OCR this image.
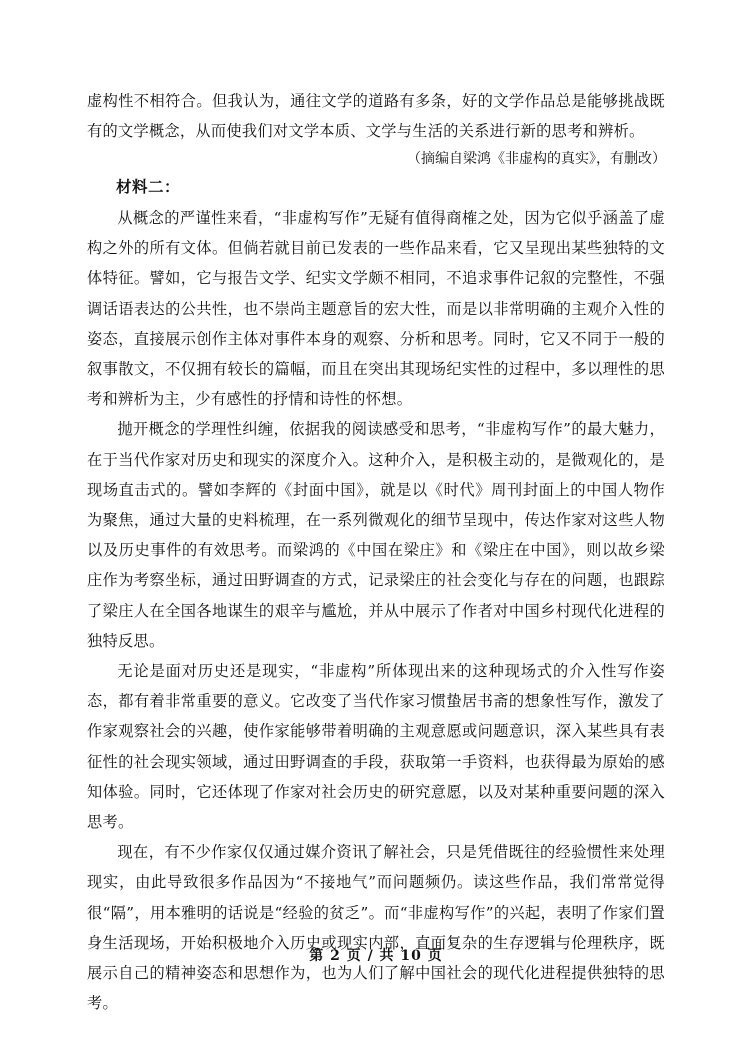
虚构性不相符合。但我认为，通往文学的道路有多条，好的文学作品总是能够挑战既有的文学概念，从而使我们对文学本质、文学与生活的关系进行新的思考和辨析。

（摘编自梁鸿《非虚构的真实》，有删改）
材料二：

从概念的严谨性来看，“非虚构写作”无疑有值得商榷之处，因为它似乎涵盖了虚构之外的所有文体。但倘若就目前已发表的一些作品来看，它又呈现出某些独特的文体特征。譬如，它与报告文学、纪实文学颇不相同，不追求事件记叙的完整性，不强调话语表达的公共性，也不崇尚主题意旨的宏大性，而是以非常明确的主观介入性的姿态，直接展示创作主体对事件本身的观察、分析和思考。同时，它又不同于一般的叙事散文，不仅拥有较长的篇幅，而且在突出其现场纪实性的过程中，多以理性的思考和辨析为主，少有感性的抒情和诗性的怀想。

抛开概念的学理性纠缠，依据我的阅读感受和思考，“非虚构写作”的最大魅力，在于当代作家对历史和现实的深度介入。这种介入，是积极主动的，是微观化的，是现场直击式的。譬如李辉的《封面中国》，就是以《时代》周刊封面上的中国人物作为聚焦，通过大量的史料梳理，在一系列微观化的细节呈现中，传达作家对这些人物以及历史事件的有效思考。而梁鸿的《中国在梁庄》和《梁庄在中国》，则以故乡梁庄作为考察坐标，通过田野调查的方式，记录梁庄的社会变化与存在的问题，也跟踪了梁庄人在全国各地谋生的艰辛与尴尬，并从中展示了作者对中国乡村现代化进程的独特反思。

无论是面对历史还是现实，“非虚构”所体现出来的这种现场式的介入性写作姿态，都有着非常重要的意义。它改变了当代作家习惯蛰居书斋的想象性写作，激发了作家观察社会的兴趣，使作家能够带着明确的主观意愿或问题意识，深入某些具有表征性的社会现实领域，通过田野调查的手段，获取第一手资料，也获得最为原始的感知体验。同时，它还体现了作家对社会历史的研究意愿，以及对某种重要问题的深入思考。

现在，有不少作家仅仅通过媒介资讯了解社会，只是凭借既往的经验惯性来处理现实，由此导致很多作品因为“不接地气”而问题频仍。读这些作品，我们常常觉得很“隔”，用本雅明的话说是“经验的贫乏”。而“非虚构写作”的兴起，表明了作家们置身生活现场，开始积极地介入历史或现实内部，直面复杂的生存逻辑与伦理秩序，既展示自己的精神姿态和思想作为，也为人们了解中国社会的现代化进程提供独特的思考。

第 2 页 / 共 10 页
